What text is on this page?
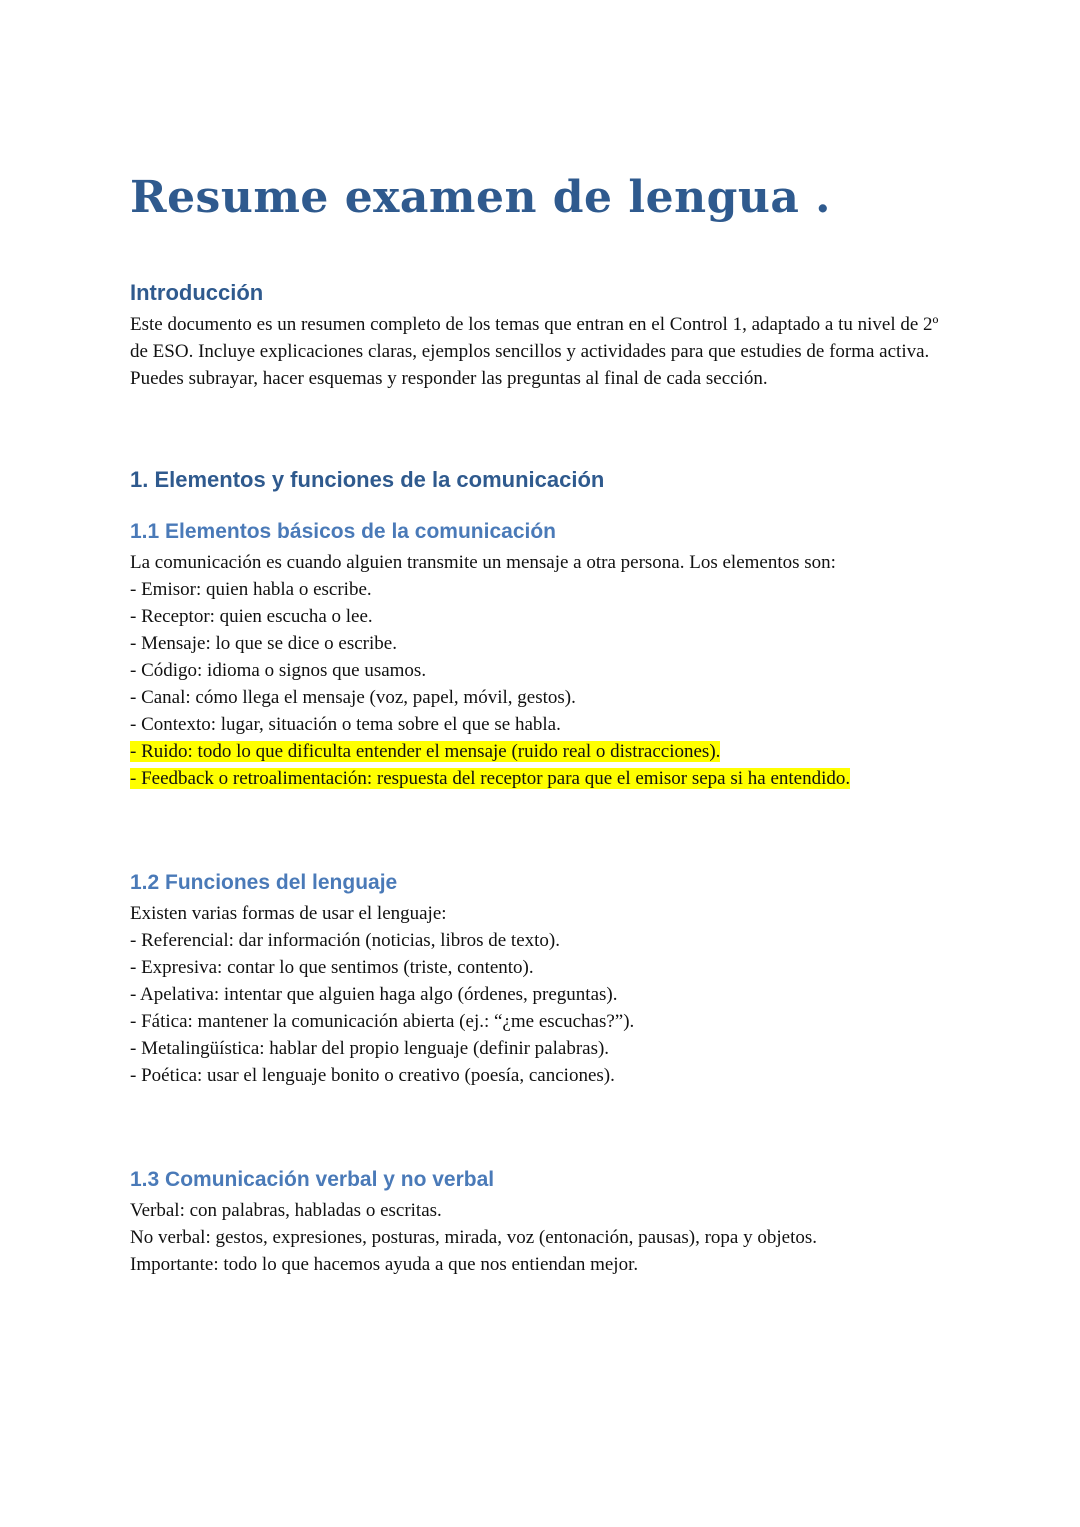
Resume examen de lengua .
Introducción

Este documento es un resumen completo de los temas que entran en el Control 1, adaptado a tu nivel de 2º de ESO. Incluye explicaciones claras, ejemplos sencillos y actividades para que estudies de forma activa. Puedes subrayar, hacer esquemas y responder las preguntas al final de cada sección.

1. Elementos y funciones de la comunicación
1.1 Elementos básicos de la comunicación

La comunicación es cuando alguien transmite un mensaje a otra persona. Los elementos son:

- Emisor: quien habla o escribe.

- Receptor: quien escucha o lee.

- Mensaje: lo que se dice o escribe.

- Código: idioma o signos que usamos.

- Canal: cómo llega el mensaje (voz, papel, móvil, gestos).

- Contexto: lugar, situación o tema sobre el que se habla.

- Ruido: todo lo que dificulta entender el mensaje (ruido real o distracciones).

- Feedback o retroalimentación: respuesta del receptor para que el emisor sepa si ha entendido.

1.2 Funciones del lenguaje

Existen varias formas de usar el lenguaje:

- Referencial: dar información (noticias, libros de texto).

- Expresiva: contar lo que sentimos (triste, contento).

- Apelativa: intentar que alguien haga algo (órdenes, preguntas).

- Fática: mantener la comunicación abierta (ej.: “¿me escuchas?”).

- Metalingüística: hablar del propio lenguaje (definir palabras).

- Poética: usar el lenguaje bonito o creativo (poesía, canciones).

1.3 Comunicación verbal y no verbal

Verbal: con palabras, habladas o escritas.

No verbal: gestos, expresiones, posturas, mirada, voz (entonación, pausas), ropa y objetos.

Importante: todo lo que hacemos ayuda a que nos entiendan mejor.
